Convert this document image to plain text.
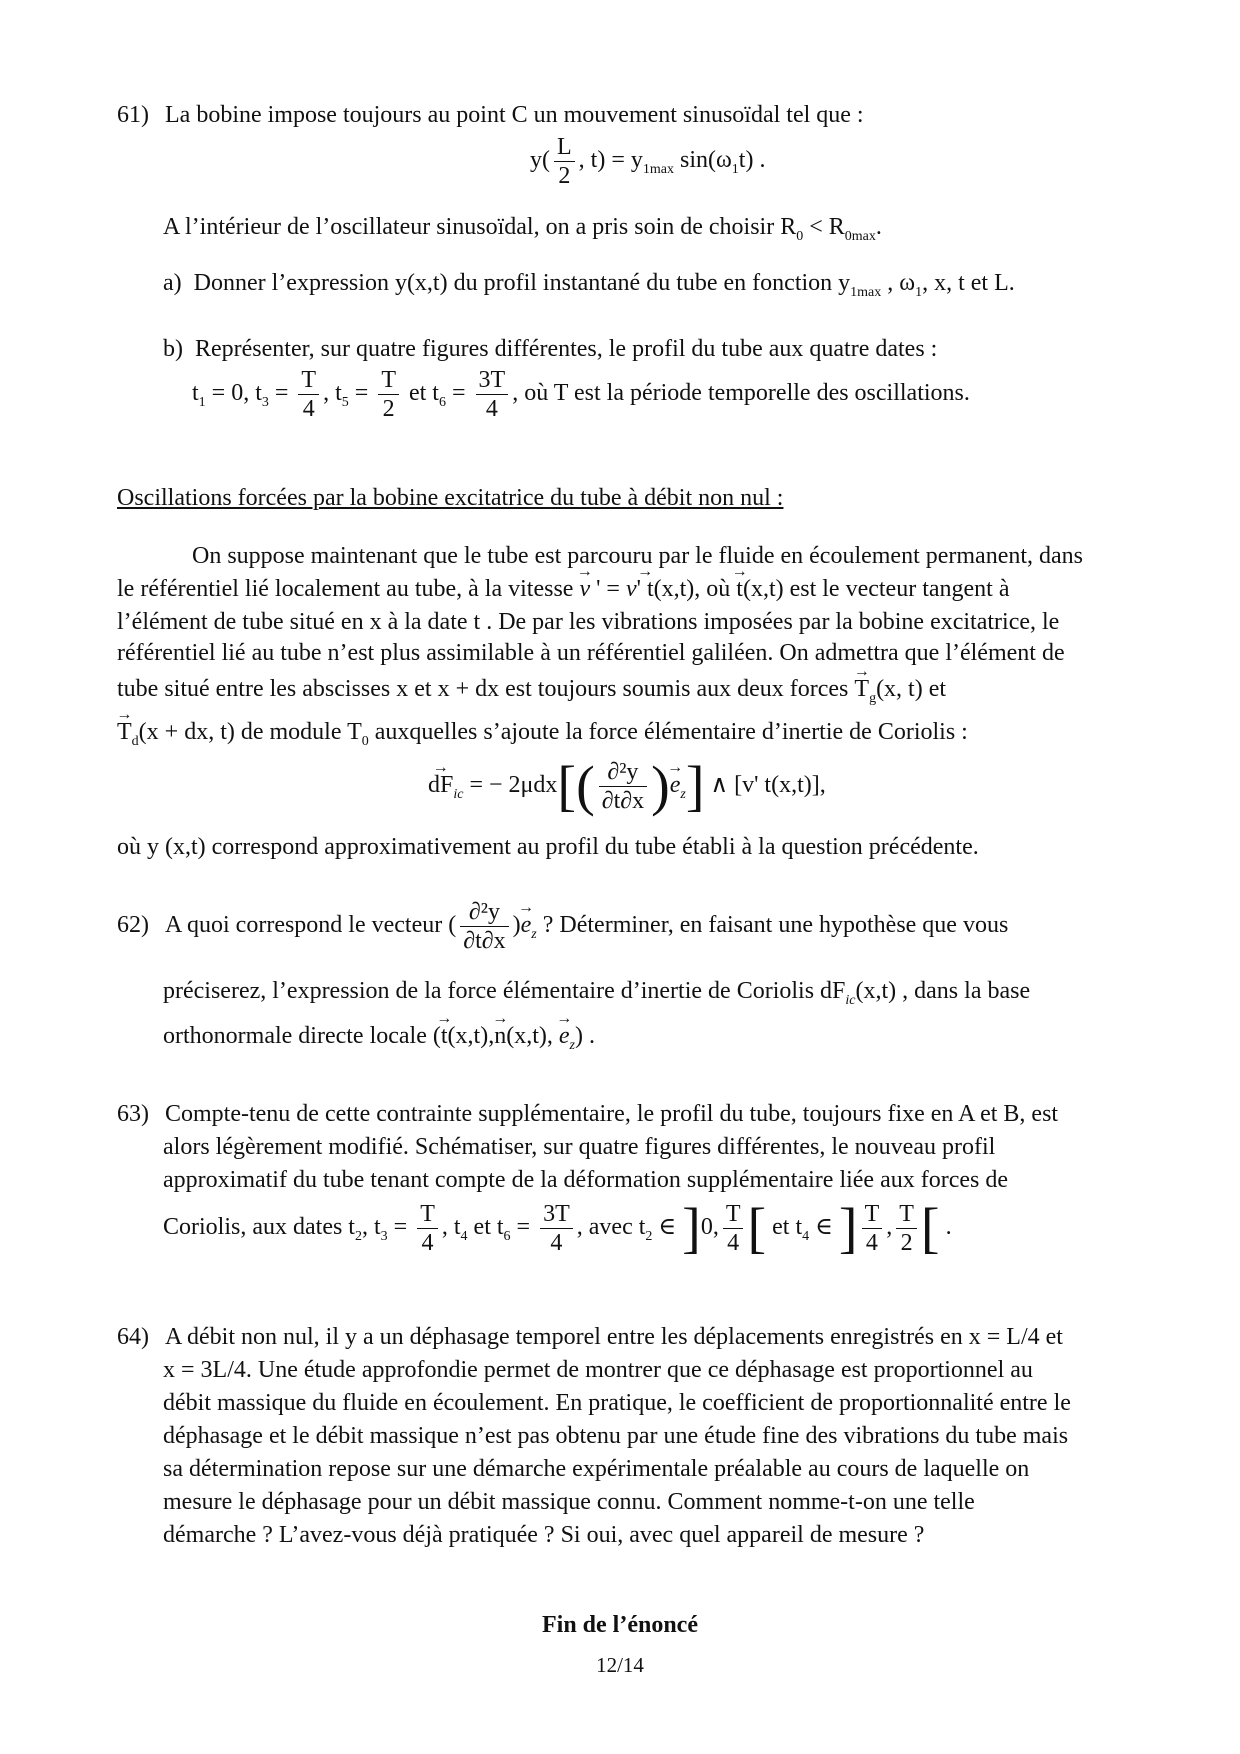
61) La bobine impose toujours au point C un mouvement sinusoïdal tel que :
$y( \frac{L}{2}$ , $t) = y_{1max}$ $\sin(\omega_1t)$ .
A l’intérieur de l’oscillateur sinusoïdal, on a pris soin de choisir $R_0 < R_{0max}$.
a) Donner l’expression y(x,t) du profil instantané du tube en fonction $y_{1max}$ , $\omega_1$, x, t et L.
b) Représenter, sur quatre figures différentes, le profil du tube aux quatre dates :
$t_1 = 0$, $t_3 = \frac{T}{4}$ , $t_5 = \frac{T}{2}$ et $t_6 = \frac{3T}{4}$ , où T est la période temporelle des oscillations.
Oscillations forcées par la bobine excitatrice du tube à débit non nul :
On suppose maintenant que le tube est parcouru par le fluide en écoulement permanent, dans
le référentiel lié localement au tube, à la vitesse → v ' = v→ ' t(x,t), où → t(x,t) est le vecteur tangent à
l’élément de tube situé en x à la date t . De par les vibrations imposées par la bobine excitatrice, le
référentiel lié au tube n’est plus assimilable à un référentiel galiléen. On admettra que l’élément de
tube situé entre les abscisses x et x + dx est toujours soumis aux deux forces → $T_g(x$, t) et
→ $T_d(x$ + dx, t) de module $T_0$ auxquelles s’ajoute la force élémentaire d’inertie de Coriolis :
→ $dF_{ic}$ = − $2\mu dx[( \frac{\text{∂²y}}{\partial t\partial x}$ )→ $e_z$] ∧ [v' t(x,t)],
où y (x,t) correspond approximativement au profil du tube établi à la question précédente.
62) A quoi correspond le vecteur ( $\frac{\text{∂²y}}{\partial t\partial x}$ )→ $e_z$ ? Déterminer, en faisant une hypothèse que vous
préciserez, l’expression de la force élémentaire d’inertie de Coriolis $dF_{ic}(x,t)$ , dans la base
orthonormale directe locale (→ t(x,t),→ n(x,t), → $e_z$) .
63) Compte-tenu de cette contrainte supplémentaire, le profil du tube, toujours fixe en A et B, est
alors légèrement modifié. Schématiser, sur quatre figures différentes, le nouveau profil
approximatif du tube tenant compte de la déformation supplémentaire liée aux forces de
Coriolis, aux dates $t_2$, $t_3 = \frac{T}{4}$ , $t_4$ et $t_6 = \frac{3T}{4}$ , avec $t_2$ ∈ ]0, $\frac{T}{4}$ [ et $t_4$ ∈ ] $\frac{T}{4}$ , $\frac{T}{2}$ [ .
64) A débit non nul, il y a un déphasage temporel entre les déplacements enregistrés en x = L/4 et
x = 3L/4. Une étude approfondie permet de montrer que ce déphasage est proportionnel au
débit massique du fluide en écoulement. En pratique, le coefficient de proportionnalité entre le
déphasage et le débit massique n’est pas obtenu par une étude fine des vibrations du tube mais
sa détermination repose sur une démarche expérimentale préalable au cours de laquelle on
mesure le déphasage pour un débit massique connu. Comment nomme-t-on une telle
démarche ? L’avez-vous déjà pratiquée ? Si oui, avec quel appareil de mesure ?
Fin de l’énoncé
12/14
